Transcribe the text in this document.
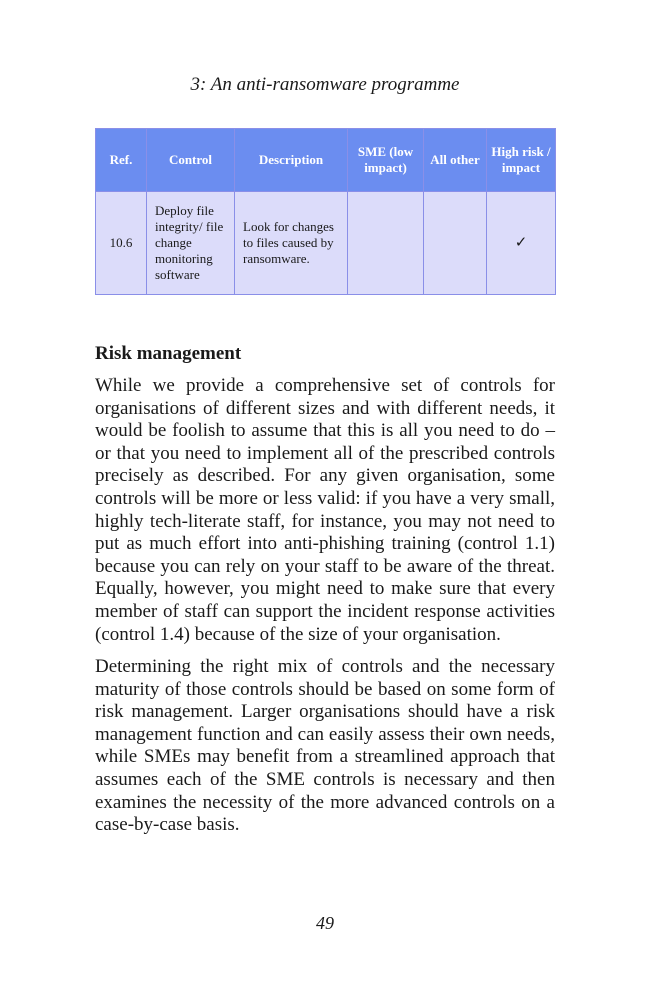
3: An anti-ransomware programme
Ref.	Control	Description	SME (low impact)	All other	High risk / impact
10.6	Deploy file integrity/ file change monitoring software	Look for changes to files caused by ransomware.			✓
Risk management

While we provide a comprehensive set of controls for organisations of different sizes and with different needs, it would be foolish to assume that this is all you need to do – or that you need to implement all of the prescribed controls precisely as described. For any given organisation, some controls will be more or less valid: if you have a very small, highly tech-literate staff, for instance, you may not need to put as much effort into anti-phishing training (control 1.1) because you can rely on your staff to be aware of the threat. Equally, however, you might need to make sure that every member of staff can support the incident response activities (control 1.4) because of the size of your organisation.

Determining the right mix of controls and the necessary maturity of those controls should be based on some form of risk management. Larger organisations should have a risk management function and can easily assess their own needs, while SMEs may benefit from a streamlined approach that assumes each of the SME controls is necessary and then examines the necessity of the more advanced controls on a case-by-case basis.

49
